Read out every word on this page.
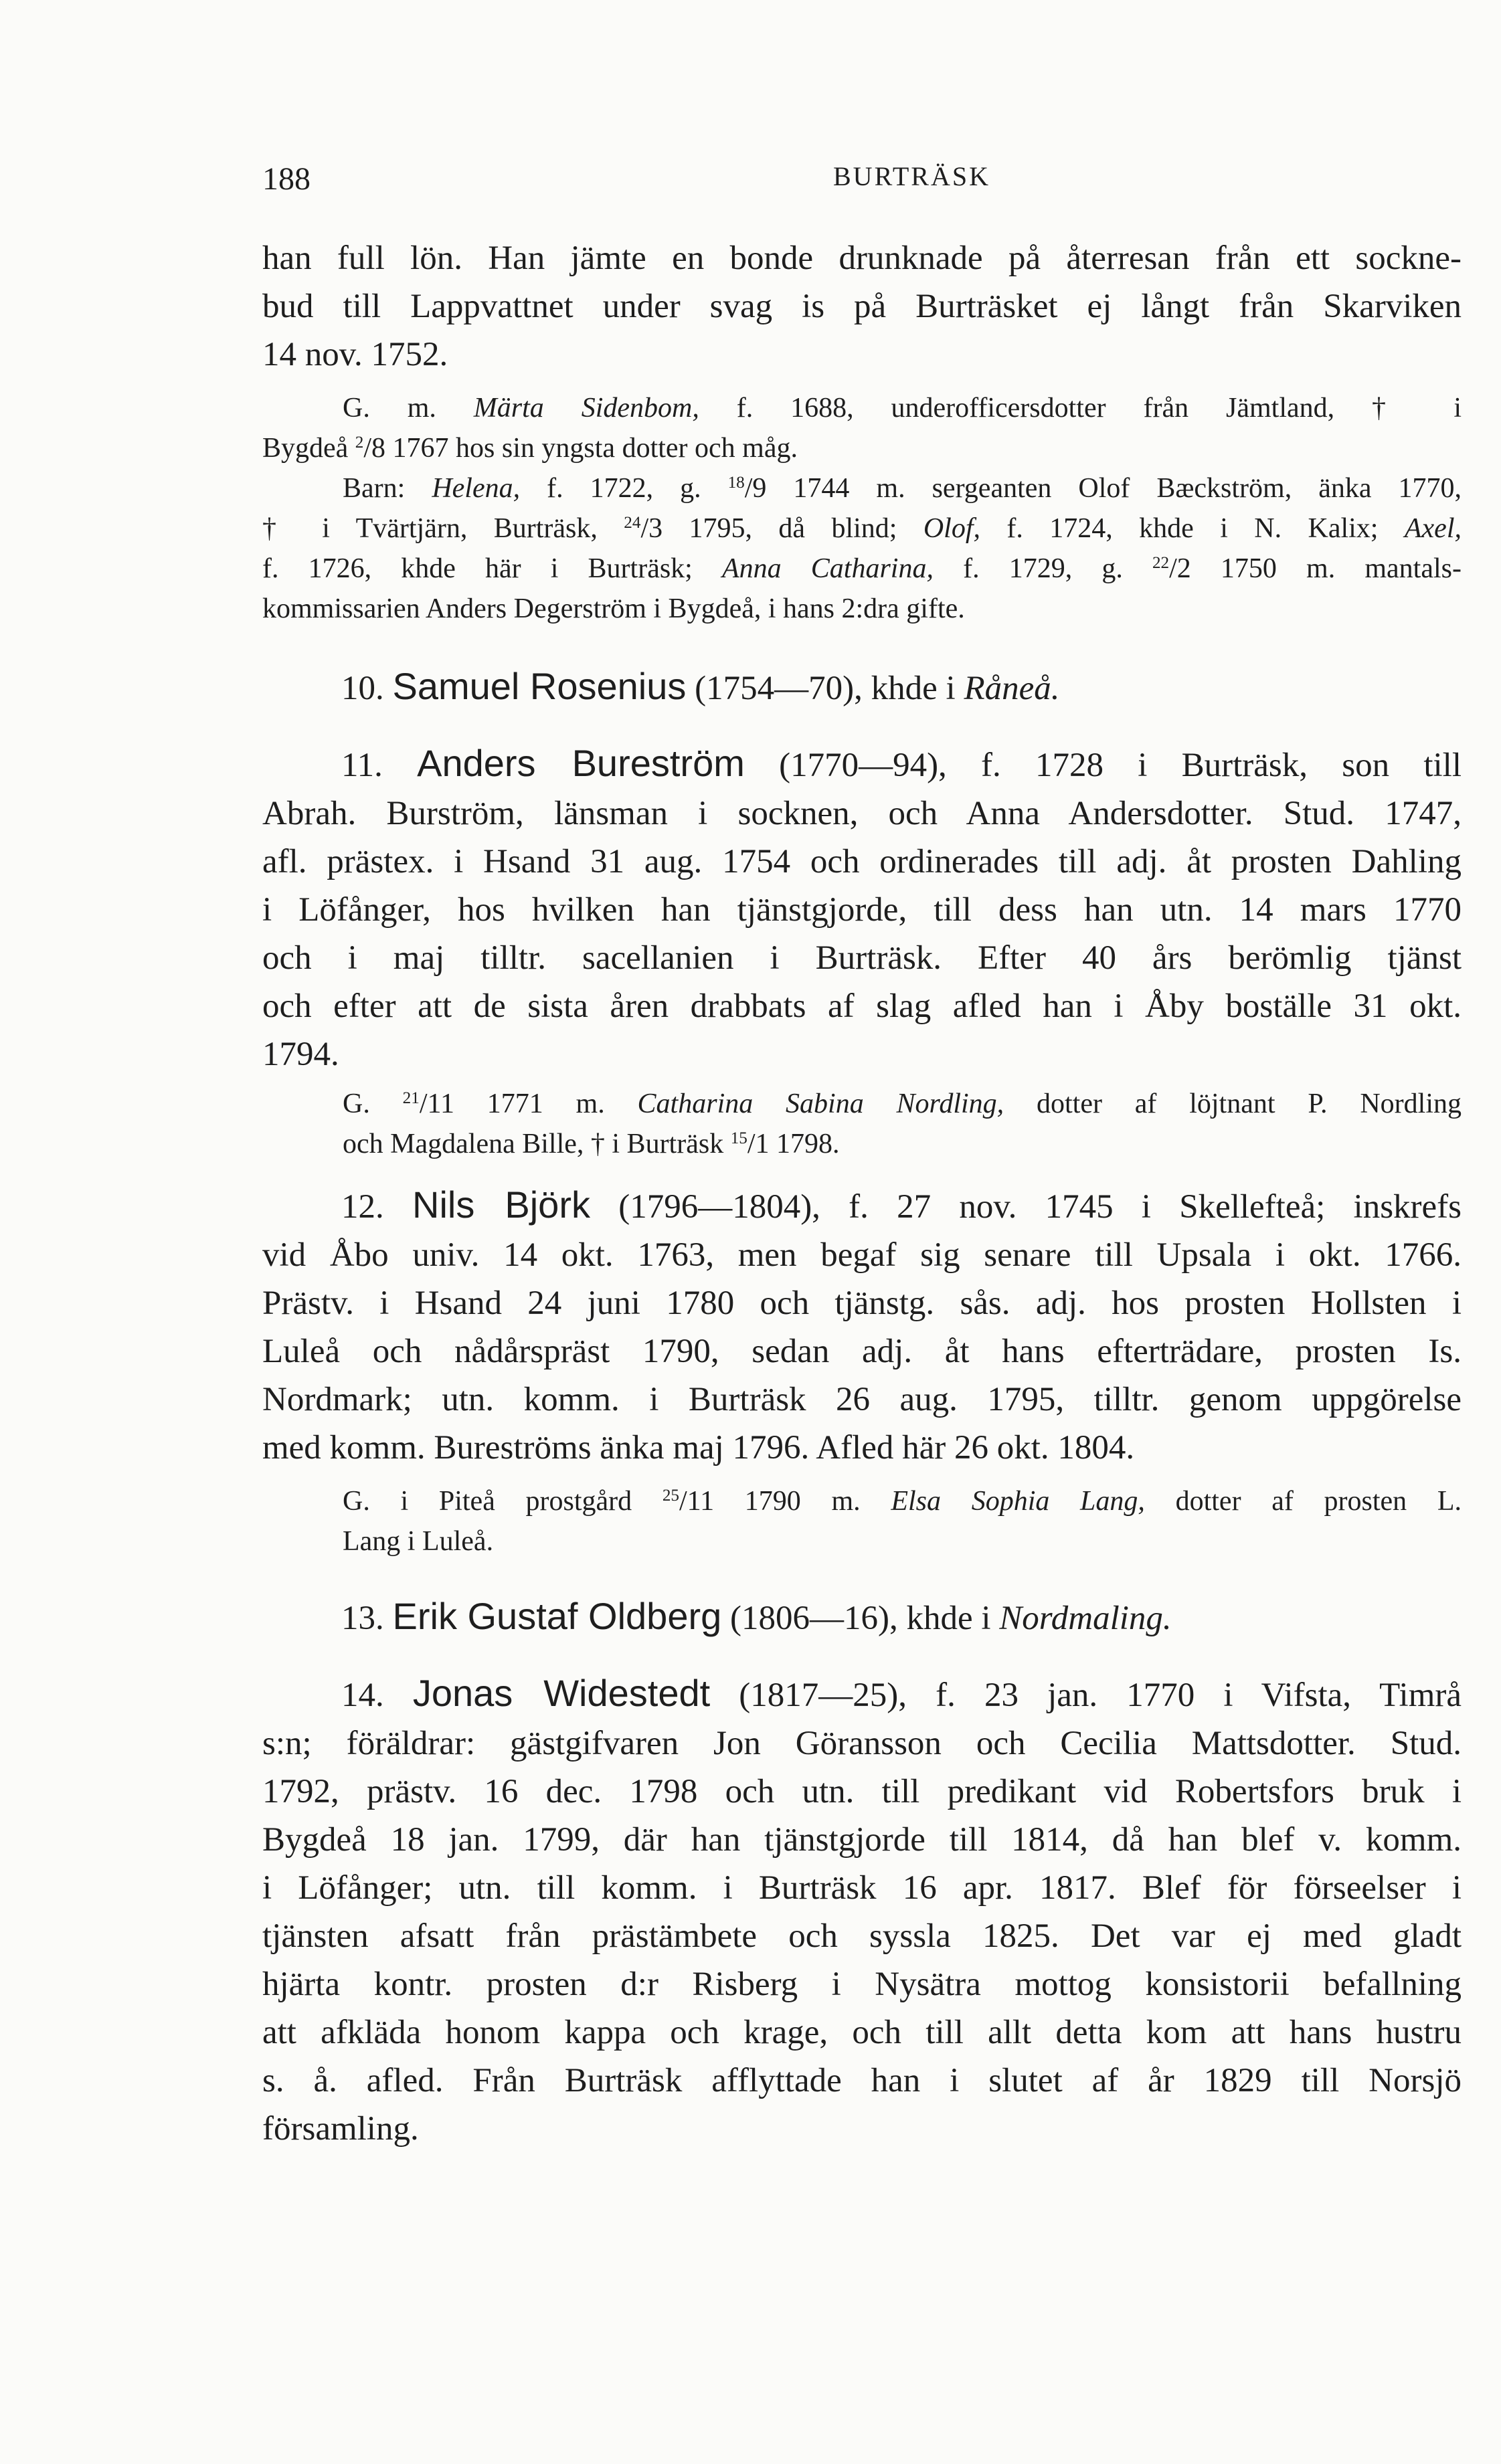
188	BURTRÄSK

han full lön. Han jämte en bonde drunknade på återresan från ett sockne-

bud till Lappvattnet under svag is på Burträsket ej långt från Skarviken

14 nov. 1752.

G. m. Märta Sidenbom, f. 1688, underofficersdotter från Jämtland, † i

Bygdeå $^2$/8 1767 hos sin yngsta dotter och måg.

Barn: Helena, f. 1722, g. $^{18}$/9 1744 m. sergeanten Olof Bæckström, änka 1770,

† i Tvärtjärn, Burträsk, $^{24}$/3 1795, då blind; Olof, f. 1724, khde i N. Kalix; Axel,

f. 1726, khde här i Burträsk; Anna Catharina, f. 1729, g. $^{22}$/2 1750 m. mantals-

kommissarien Anders Degerström i Bygdeå, i hans 2:dra gifte.

10. Samuel Rosenius (1754—70), khde i Råneå.

11. Anders Bureström (1770—94), f. 1728 i Burträsk, son till

Abrah. Burström, länsman i socknen, och Anna Andersdotter. Stud. 1747,

afl. prästex. i Hsand 31 aug. 1754 och ordinerades till adj. åt prosten Dahling

i Löfånger, hos hvilken han tjänstgjorde, till dess han utn. 14 mars 1770

och i maj tilltr. sacellanien i Burträsk. Efter 40 års berömlig tjänst

och efter att de sista åren drabbats af slag afled han i Åby boställe 31 okt.

1794.

G. $^{21}$/11 1771 m. Catharina Sabina Nordling, dotter af löjtnant P. Nordling

och Magdalena Bille, † i Burträsk $^{15}$/1 1798.

12. Nils Björk (1796—1804), f. 27 nov. 1745 i Skellefteå; inskrefs

vid Åbo univ. 14 okt. 1763, men begaf sig senare till Upsala i okt. 1766.

Prästv. i Hsand 24 juni 1780 och tjänstg. sås. adj. hos prosten Hollsten i

Luleå och nådårspräst 1790, sedan adj. åt hans efterträdare, prosten Is.

Nordmark; utn. komm. i Burträsk 26 aug. 1795, tilltr. genom uppgörelse

med komm. Bureströms änka maj 1796. Afled här 26 okt. 1804.

G. i Piteå prostgård $^{25}$/11 1790 m. Elsa Sophia Lang, dotter af prosten L.

Lang i Luleå.

13. Erik Gustaf Oldberg (1806—16), khde i Nordmaling.

14. Jonas Widestedt (1817—25), f. 23 jan. 1770 i Vifsta, Timrå

s:n; föräldrar: gästgifvaren Jon Göransson och Cecilia Mattsdotter. Stud.

1792, prästv. 16 dec. 1798 och utn. till predikant vid Robertsfors bruk i

Bygdeå 18 jan. 1799, där han tjänstgjorde till 1814, då han blef v. komm.

i Löfånger; utn. till komm. i Burträsk 16 apr. 1817. Blef för förseelser i

tjänsten afsatt från prästämbete och syssla 1825. Det var ej med gladt

hjärta kontr. prosten d:r Risberg i Nysätra mottog konsistorii befallning

att afkläda honom kappa och krage, och till allt detta kom att hans hustru

s. å. afled. Från Burträsk afflyttade han i slutet af år 1829 till Norsjö

församling.
